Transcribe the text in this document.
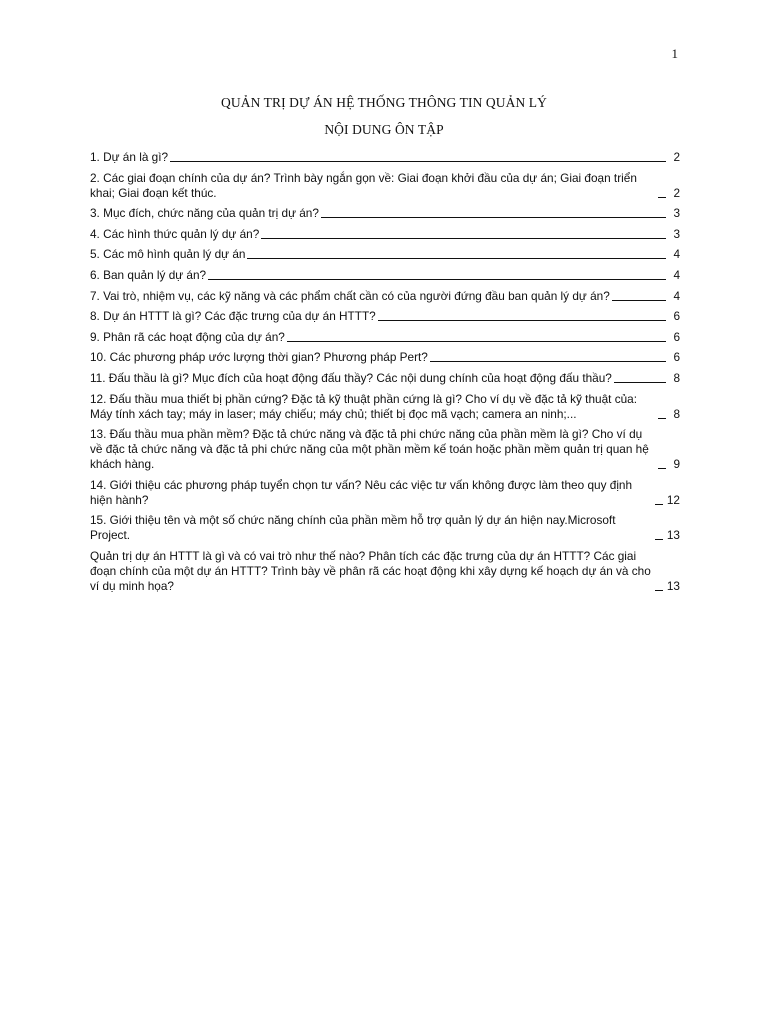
1
QUẢN TRỊ DỰ ÁN HỆ THỐNG THÔNG TIN QUẢN LÝ
NỘI DUNG ÔN TẬP
1. Dự án là gì?	2
2. Các giai đoạn chính của dự án? Trình bày ngắn gọn về: Giai đoạn khởi đầu của dự án; Giai đoạn triển khai; Giai đoạn kết thúc.	2
3. Mục đích, chức năng của quản trị dự án?	3
4. Các hình thức quản lý dự án?	3
5. Các mô hình quản lý dự án	4
6. Ban quản lý dự án?	4
7. Vai trò, nhiệm vụ, các kỹ năng và các phẩm chất cần có của người đứng đầu ban quản lý dự án?	4
8. Dự án HTTT là gì? Các đặc trưng của dự án HTTT?	6
9. Phân rã các hoạt động của dự án?	6
10. Các phương pháp ước lượng thời gian? Phương pháp Pert?	6
11. Đấu thầu là gì? Mục đích của hoạt động đấu thầy? Các nội dung chính của hoạt động đấu thầu?	8
12. Đấu thầu mua thiết bị phần cứng? Đặc tả kỹ thuật phần cứng là gì? Cho ví dụ về đặc tả kỹ thuật của: Máy tính xách tay; máy in laser; máy chiếu; máy chủ; thiết bị đọc mã vạch; camera an ninh;...	8
13. Đấu thầu mua phần mềm? Đặc tả chức năng và đặc tả phi chức năng của phần mềm là gì? Cho ví dụ về đặc tả chức năng và đặc tả phi chức năng của một phần mềm kế toán hoặc phần mềm quản trị quan hệ khách hàng.	9
14. Giới thiệu các phương pháp tuyển chọn tư vấn? Nêu các việc tư vấn không được làm theo quy định hiện hành?	12
15. Giới thiệu tên và một số chức năng chính của phần mềm hỗ trợ quản lý dự án hiện nay.Microsoft Project.	13
Quản trị dự án HTTT là gì và có vai trò như thế nào? Phân tích các đặc trưng của dự án HTTT? Các giai đoạn chính của một dự án HTTT? Trình bày về phân rã các hoạt động khi xây dựng kế hoạch dự án và cho ví dụ minh họa?	13
